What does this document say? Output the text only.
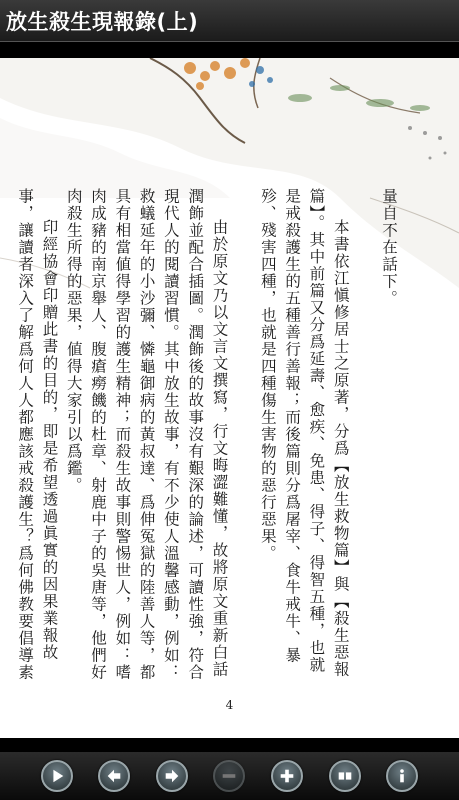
放生殺生現報錄(上)

量自不在話下。

本書依江愼修居士之原著，分爲【放生救物篇】與【殺生惡報篇】。其中前篇又分爲延壽、愈疾、免患、得子、得智五種，也就是戒殺護生的五種善行善報；而後篇則分爲屠宰、食牛戒牛、暴殄、殘害四種，也就是四種傷生害物的惡行惡果。

由於原文乃以文言文撰寫，行文晦澀難懂，故將原文重新白話潤飾並配合插圖。潤飾後的故事沒有艱深的論述，可讀性強，符合現代人的閱讀習慣。其中放生故事，有不少使人溫馨感動，例如：救蟻延年的小沙彌、憐龜御病的黃叔達、爲伸冤獄的陸善人等，都具有相當値得學習的護生精神；而殺生故事則警惕世人，例如：嗜肉成豬的南京舉人、腹瘡癆饑的杜章、射鹿中子的吳唐等，他們好肉殺生所得的惡果，値得大家引以爲鑑。

印經協會印贈此書的目的，即是希望透過眞實的因果業報故事，讓讀者深入了解爲何人人都應該戒殺護生？爲何佛教要倡導素

4
